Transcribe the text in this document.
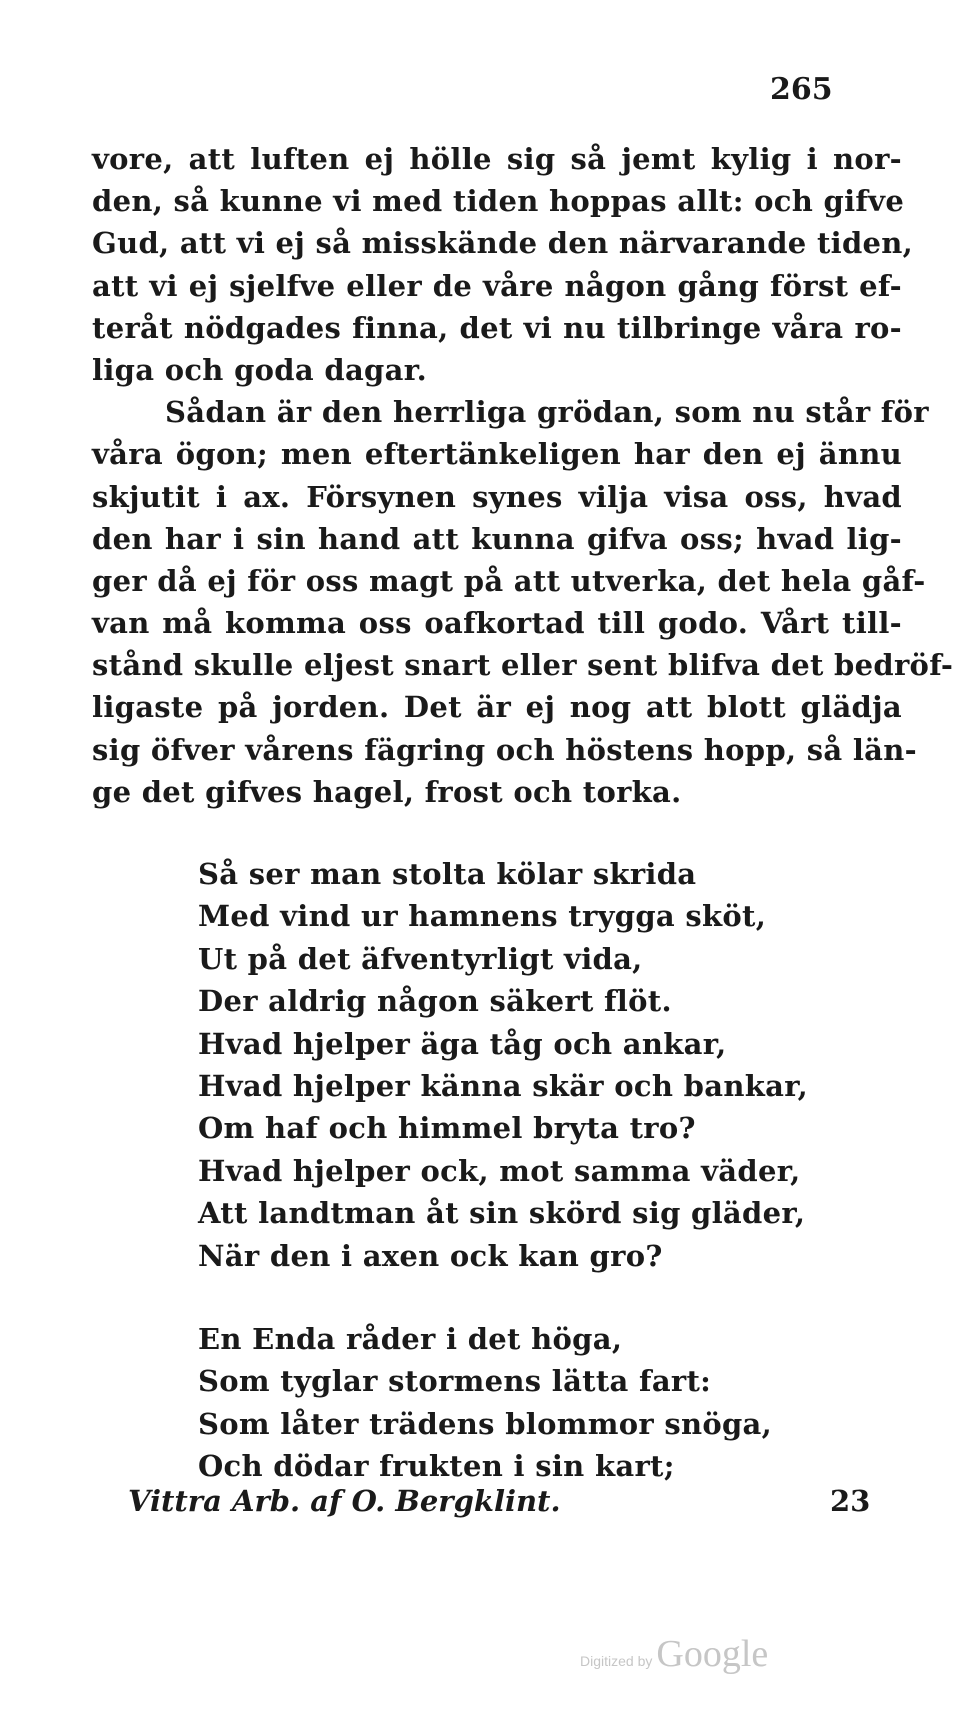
265
vore, att luften ej hölle sig så jemt kylig i nor-
den, så kunne vi med tiden hoppas allt: och gifve
Gud, att vi ej så misskände den närvarande tiden,
att vi ej sjelfve eller de våre någon gång först ef-
teråt nödgades finna, det vi nu tilbringe våra ro-
liga och goda dagar.
Sådan är den herrliga grödan, som nu står för
våra ögon; men eftertänkeligen har den ej ännu
skjutit i ax. Försynen synes vilja visa oss, hvad
den har i sin hand att kunna gifva oss; hvad lig-
ger då ej för oss magt på att utverka, det hela gåf-
van må komma oss oafkortad till godo. Vårt till-
stånd skulle eljest snart eller sent blifva det bedröf-
ligaste på jorden. Det är ej nog att blott glädja
sig öfver vårens fägring och höstens hopp, så län-
ge det gifves hagel, frost och torka.
Så ser man stolta kölar skrida
Med vind ur hamnens trygga sköt,
Ut på det äfventyrligt vida,
Der aldrig någon säkert flöt.
Hvad hjelper äga tåg och ankar,
Hvad hjelper känna skär och bankar,
Om haf och himmel bryta tro?
Hvad hjelper ock, mot samma väder,
Att landtman åt sin skörd sig gläder,
När den i axen ock kan gro?
En Enda råder i det höga,
Som tyglar stormens lätta fart:
Som låter trädens blommor snöga,
Och dödar frukten i sin kart;
Vittra Arb. af O. Bergklint.	23
Digitized by Google
